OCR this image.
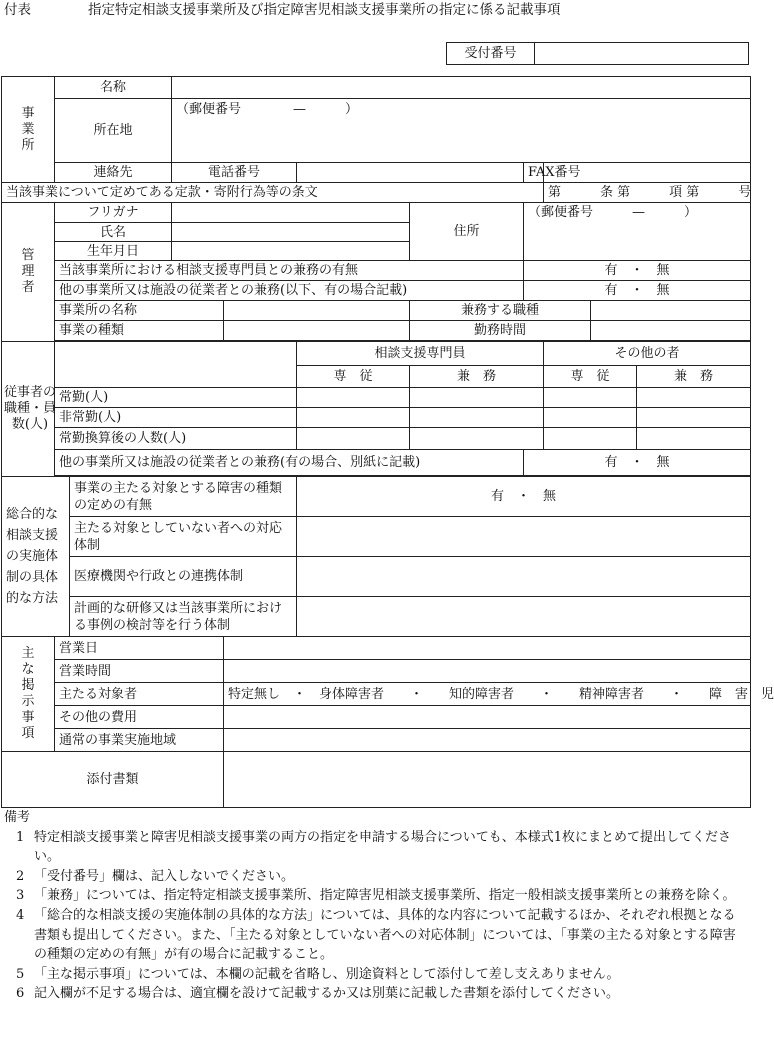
付表	指定特定相談支援事業所及び指定障害児相談支援事業所の指定に係る記載事項
受付番号	
事業所	名称									
	所在地		（郵便番号　　　　—　　　）							

	連絡先		電話番号				FAX番号			
当該事業について定めてある定款・寄附行為等の条文								第　　　条 第　　　項 第　　　号		
管理者	フリガナ					住所	（郵便番号　　　—　　　）			
	氏名									
	生年月日									
	当該事業所における相談支援専門員との兼務の有無						有　・　無			
	他の事業所又は施設の従業者との兼務(以下、有の場合記載)						有　・　無			
	事業所の名称					兼務する職種				
	事業の種類					勤務時間				

従事者の職種・員数(人)					相談支援専門員			その他の者		
					専　従	兼　務		専　従		兼　務
	常勤(人)									
	非常勤(人)									
	常勤換算後の人数(人)									
	他の事業所又は施設の従業者との兼務(有の場合、別紙に記載)						有　・　無			

総合的な相談支援の実施体制の具体的な方法		事業の主たる対象とする障害の種類の定めの有無			有　・　無					
		主たる対象としていない者への対応体制								
		医療機関や行政との連携体制								
		計画的な研修又は当該事業所における事例の検討等を行う体制								
主な掲示事項	営業日									
	営業時間									
	主たる対象者			特定無し　・　身体障害者　　・　　知的障害者　　・　　精神障害者　　・　　障　害　児						
	その他の費用									
	通常の事業実施地域									
添付書類										

備考

1 特定相談支援事業と障害児相談支援事業の両方の指定を申請する場合についても、本様式1枚にまとめて提出してください。

2 「受付番号」欄は、記入しないでください。

3 「兼務」については、指定特定相談支援事業所、指定障害児相談支援事業所、指定一般相談支援事業所との兼務を除く。

4 「総合的な相談支援の実施体制の具体的な方法」については、具体的な内容について記載するほか、それぞれ根拠となる書類も提出してください。また、「主たる対象としていない者への対応体制」については、「事業の主たる対象とする障害の種類の定めの有無」が有の場合に記載すること。

5 「主な掲示事項」については、本欄の記載を省略し、別途資料として添付して差し支えありません。

6 記入欄が不足する場合は、適宜欄を設けて記載するか又は別葉に記載した書類を添付してください。
